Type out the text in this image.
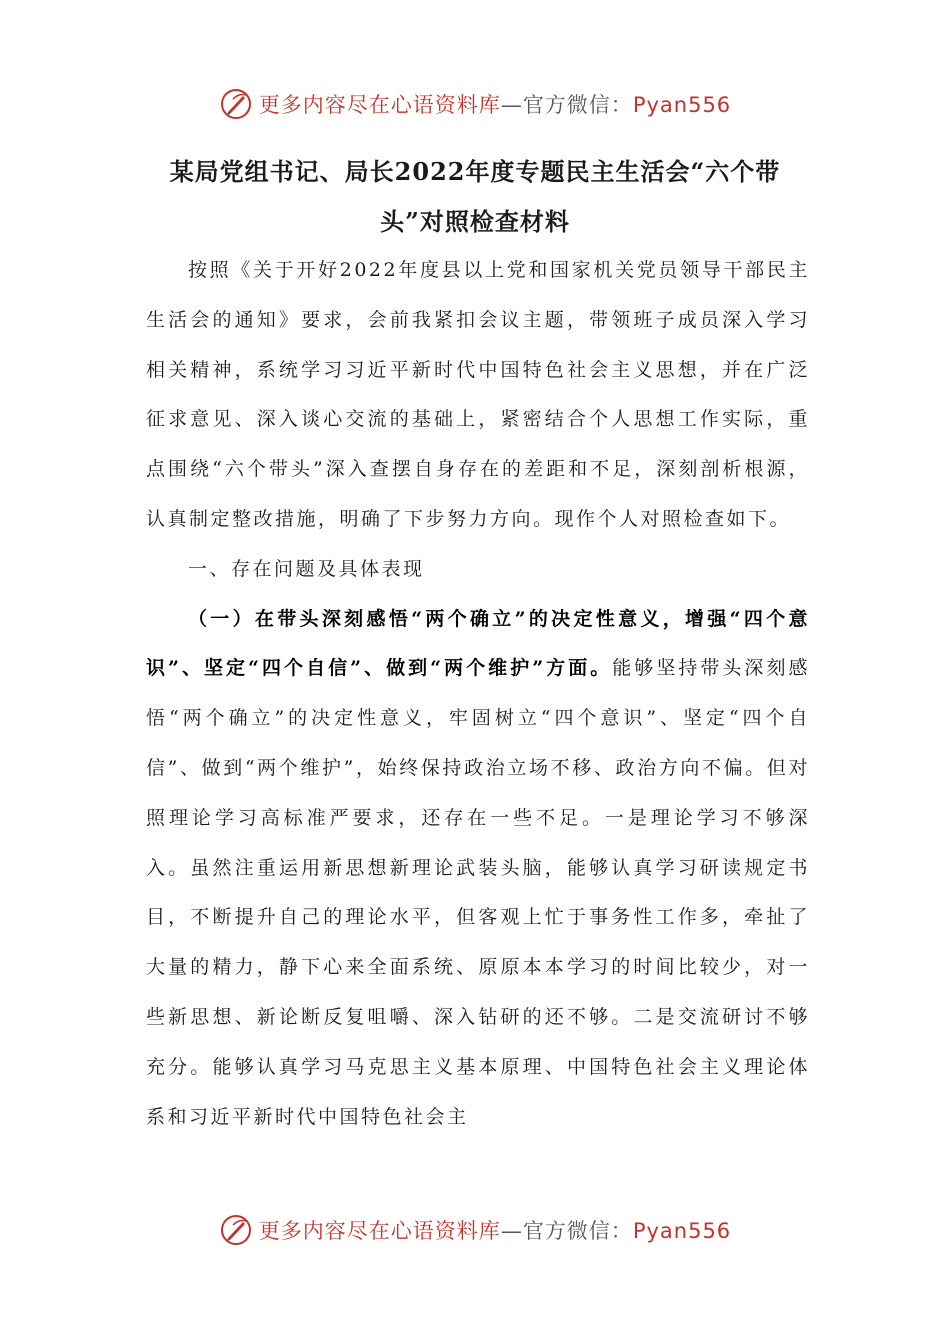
更多内容尽在心语资料库—官方微信：Pyan556
某局党组书记、局长2022年度专题民主生活会“六个带
头”对照检查材料

按照《关于开好2022年度县以上党和国家机关党员领导干部民主生活会的通知》要求，会前我紧扣会议主题，带领班子成员深入学习相关精神，系统学习习近平新时代中国特色社会主义思想，并在广泛征求意见、深入谈心交流的基础上，紧密结合个人思想工作实际，重点围绕“六个带头”深入查摆自身存在的差距和不足，深刻剖析根源，认真制定整改措施，明确了下步努力方向。现作个人对照检查如下。

一、存在问题及具体表现

（一）在带头深刻感悟“两个确立”的决定性意义，增强“四个意识”、坚定“四个自信”、做到“两个维护”方面。能够坚持带头深刻感悟“两个确立”的决定性意义，牢固树立“四个意识”、坚定“四个自信”、做到“两个维护”，始终保持政治立场不移、政治方向不偏。但对照理论学习高标准严要求，还存在一些不足。一是理论学习不够深入。虽然注重运用新思想新理论武装头脑，能够认真学习研读规定书目，不断提升自己的理论水平，但客观上忙于事务性工作多，牵扯了大量的精力，静下心来全面系统、原原本本学习的时间比较少，对一些新思想、新论断反复咀嚼、深入钻研的还不够。二是交流研讨不够充分。能够认真学习马克思主义基本原理、中国特色社会主义理论体系和习近平新时代中国特色社会主

更多内容尽在心语资料库—官方微信：Pyan556
